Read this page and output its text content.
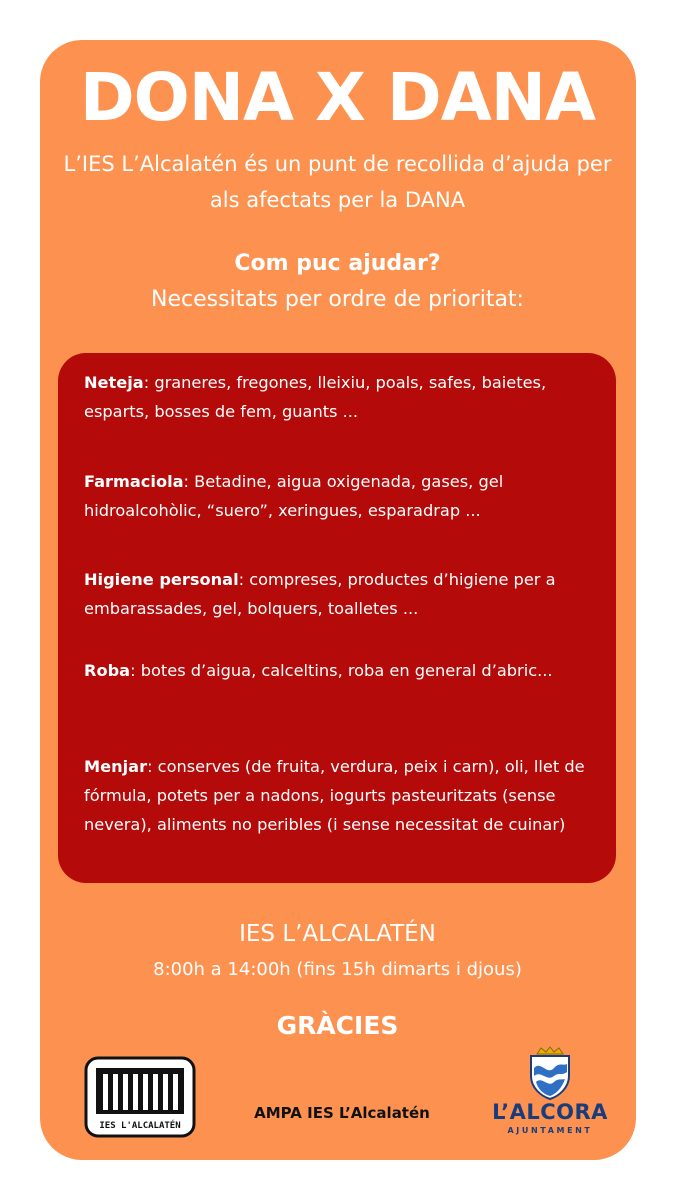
DONA X DANA
L’IES L’Alcalatén és un punt de recollida d’ajuda per als afectats per la DANA
Com puc ajudar?
Necessitats per ordre de prioritat:
Neteja: graneres, fregones, lleixiu, poals, safes, baietes, esparts, bosses de fem, guants ...
Farmaciola: Betadine, aigua oxigenada, gases, gel hidroalcohòlic, “suero”, xeringues, esparadrap ...
Higiene personal: compreses, productes d’higiene per a embarassades, gel, bolquers, toalletes ...
Roba: botes d’aigua, calceltins, roba en general d’abric...
Menjar: conserves (de fruita, verdura, peix i carn), oli, llet de fórmula, potets per a nadons, iogurts pasteuritzats (sense nevera), aliments no peribles (i sense necessitat de cuinar)
IES L’ALCALATÉN
8:00h a 14:00h (fins 15h dimarts i djous)
GRÀCIES
IES L'ALCALATÉN
AMPA IES L’Alcalatén	L’ALCORA
AJUNTAMENT
